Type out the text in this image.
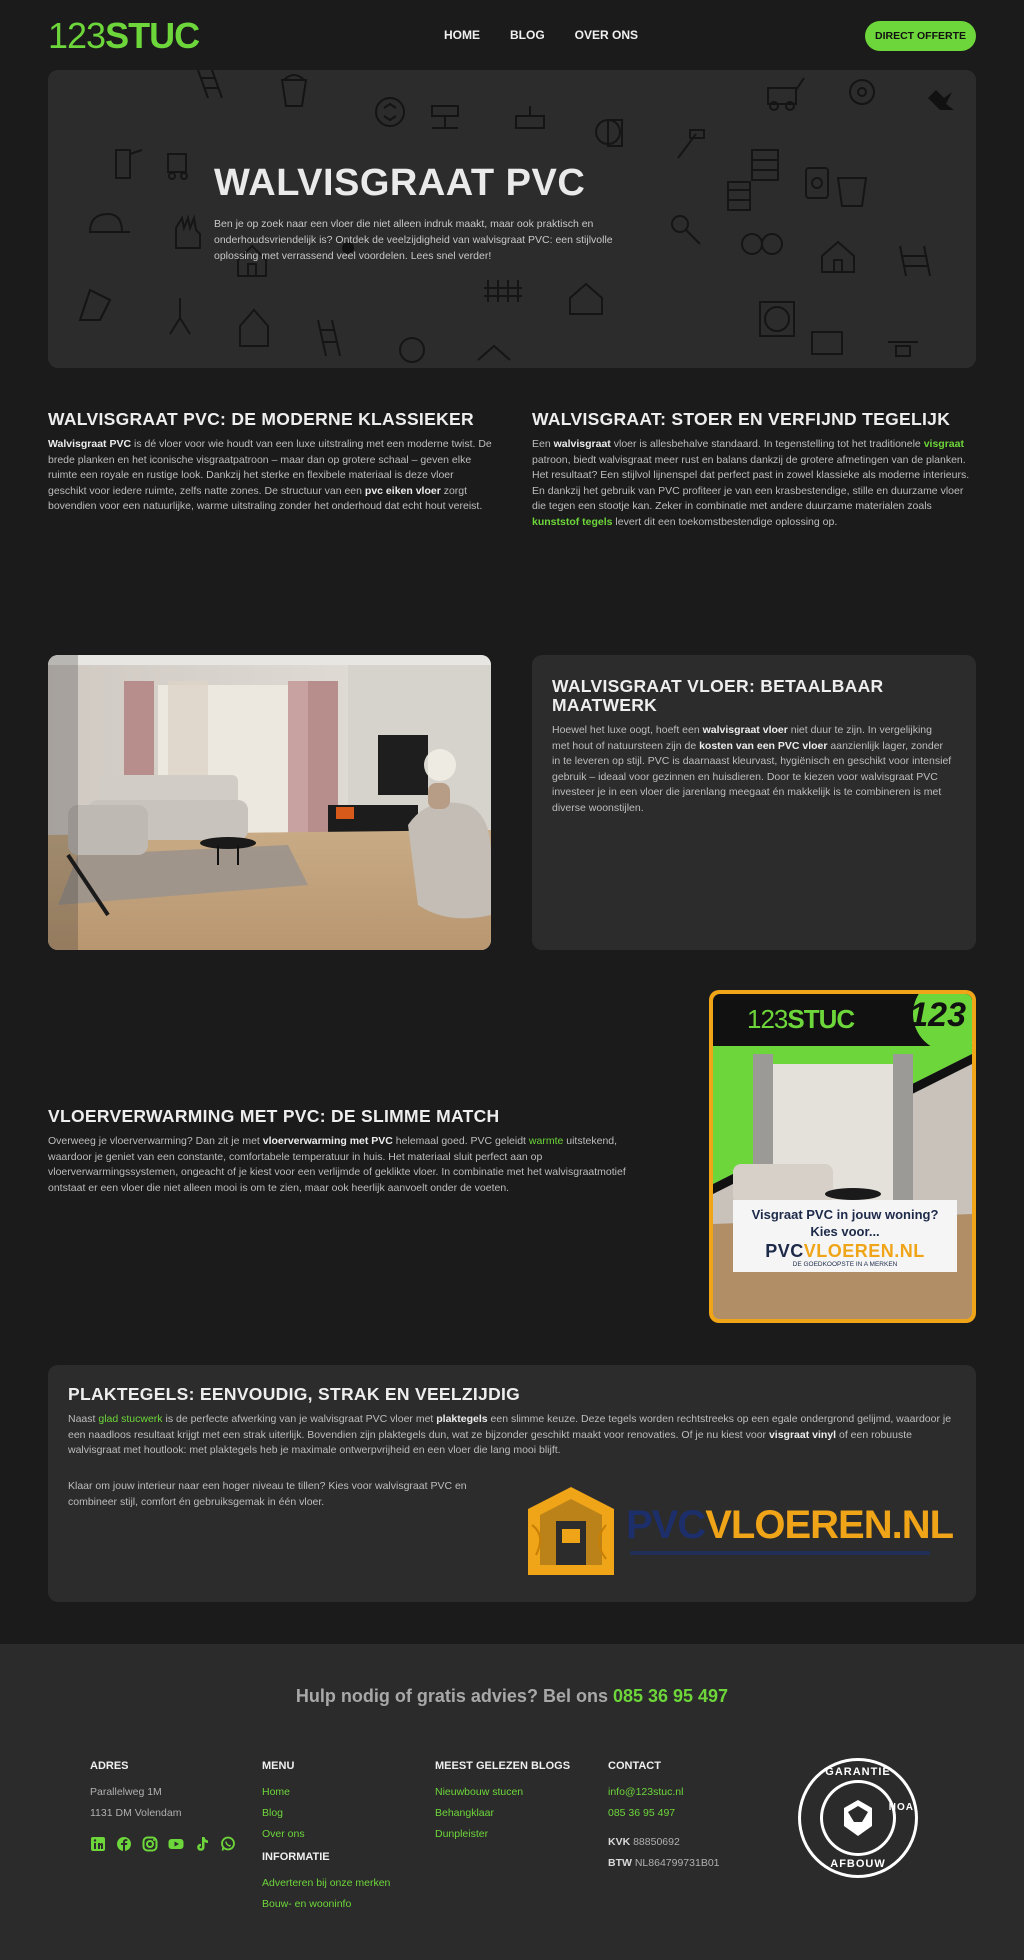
123STUC	HOME	BLOG	OVER ONS	DIRECT OFFERTE
WALVISGRAAT PVC
Ben je op zoek naar een vloer die niet alleen indruk maakt, maar ook praktisch en onderhoudsvriendelijk is? Ontdek de veelzijdigheid van walvisgraat PVC: een stijlvolle oplossing met verrassend veel voordelen. Lees snel verder!
WALVISGRAAT PVC: DE MODERNE KLASSIEKER
Walvisgraat PVC is dé vloer voor wie houdt van een luxe uitstraling met een moderne twist. De brede planken en het iconische visgraatpatroon – maar dan op grotere schaal – geven elke ruimte een royale en rustige look. Dankzij het sterke en flexibele materiaal is deze vloer geschikt voor iedere ruimte, zelfs natte zones. De structuur van een pvc eiken vloer zorgt bovendien voor een natuurlijke, warme uitstraling zonder het onderhoud dat echt hout vereist.
WALVISGRAAT: STOER EN VERFIJND TEGELIJK
Een walvisgraat vloer is allesbehalve standaard. In tegenstelling tot het traditionele visgraat patroon, biedt walvisgraat meer rust en balans dankzij de grotere afmetingen van de planken. Het resultaat? Een stijlvol lijnenspel dat perfect past in zowel klassieke als moderne interieurs. En dankzij het gebruik van PVC profiteer je van een krasbestendige, stille en duurzame vloer die tegen een stootje kan. Zeker in combinatie met andere duurzame materialen zoals kunststof tegels levert dit een toekomstbestendige oplossing op.
WALVISGRAAT VLOER: BETAALBAAR MAATWERK
Hoewel het luxe oogt, hoeft een walvisgraat vloer niet duur te zijn. In vergelijking met hout of natuursteen zijn de kosten van een PVC vloer aanzienlijk lager, zonder in te leveren op stijl. PVC is daarnaast kleurvast, hygiënisch en geschikt voor intensief gebruik – ideaal voor gezinnen en huisdieren. Door te kiezen voor walvisgraat PVC investeer je in een vloer die jarenlang meegaat én makkelijk is te combineren is met diverse woonstijlen.
VLOERVERWARMING MET PVC: DE SLIMME MATCH
Overweeg je vloerverwarming? Dan zit je met vloerverwarming met PVC helemaal goed. PVC geleidt warmte uitstekend, waardoor je geniet van een constante, comfortabele temperatuur in huis. Het materiaal sluit perfect aan op vloerverwarmingssystemen, ongeacht of je kiest voor een verlijmde of geklikte vloer. In combinatie met het walvisgraatmotief ontstaat er een vloer die niet alleen mooi is om te zien, maar ook heerlijk aanvoelt onder de voeten.
123STUC 123
Visgraat PVC in jouw woning?
Kies voor...
PVCVLOEREN.NL
DE GOEDKOOPSTE IN A MERKEN
PLAKTEGELS: EENVOUDIG, STRAK EN VEELZIJDIG
Naast glad stucwerk is de perfecte afwerking van je walvisgraat PVC vloer met plaktegels een slimme keuze. Deze tegels worden rechtstreeks op een egale ondergrond gelijmd, waardoor je een naadloos resultaat krijgt met een strak uiterlijk. Bovendien zijn plaktegels dun, wat ze bijzonder geschikt maakt voor renovaties. Of je nu kiest voor visgraat vinyl of een robuuste walvisgraat met houtlook: met plaktegels heb je maximale ontwerpvrijheid en een vloer die lang mooi blijft.
Klaar om jouw interieur naar een hoger niveau te tillen? Kies voor walvisgraat PVC en combineer stijl, comfort én gebruiksgemak in één vloer.
PVCVLOEREN.NL
Hulp nodig of gratis advies? Bel ons 085 36 95 497
ADRES
Parallelweg 1M
1131 DM Volendam
MENU
Home
Blog
Over ons
INFORMATIE
Adverteren bij onze merken
Bouw- en wooninfo
MEEST GELEZEN BLOGS
Nieuwbouw stucen
Behangklaar
Dunpleister
CONTACT
info@123stuc.nl
085 36 95 497
KVK 88850692
BTW NL864799731B01
GARANTIE
NOA
AFBOUW
